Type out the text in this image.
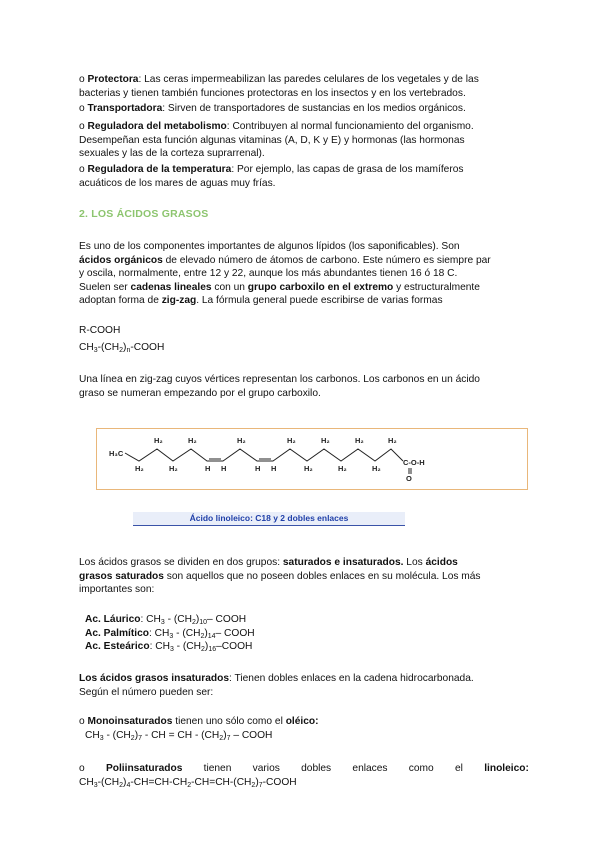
o Protectora: Las ceras impermeabilizan las paredes celulares de los vegetales y de las
bacterias y tienen también funciones protectoras en los insectos y en los vertebrados.
o Transportadora: Sirven de transportadores de sustancias en los medios orgánicos.
o Reguladora del metabolismo: Contribuyen al normal funcionamiento del organismo.
Desempeñan esta función algunas vitaminas (A, D, K y E) y hormonas (las hormonas
sexuales y las de la corteza suprarrenal).
o Reguladora de la temperatura: Por ejemplo, las capas de grasa de los mamíferos
acuáticos de los mares de aguas muy frías.
2. LOS ÁCIDOS GRASOS
Es uno de los componentes importantes de algunos lípidos (los saponificables). Son
ácidos orgánicos de elevado número de átomos de carbono. Este número es siempre par
y oscila, normalmente, entre 12 y 22, aunque los más abundantes tienen 16 ó 18 C.
Suelen ser cadenas lineales con un grupo carboxilo en el extremo y estructuralmente
adoptan forma de zig-zag. La fórmula general puede escribirse de varias formas
R-COOH
$CH_3-(CH_2)_n$-COOH
Una línea en zig-zag cuyos vértices representan los carbonos. Los carbonos en un ácido
graso se numeran empezando por el grupo carboxilo.
H₃C
H₂
H₂
H₂
H₂
H H
H₂
H H
H₂
H₂
H₂
H₂
H₂
H₂
H₂
C-O-H
O
Ácido linoleico: C18 y 2 dobles enlaces
Los ácidos grasos se dividen en dos grupos: saturados e insaturados. Los ácidos
grasos saturados son aquellos que no poseen dobles enlaces en su molécula. Los más
importantes son:
Ac. Láurico: $CH_3 - (CH_2)_{10}-$ COOH
Ac. Palmítico: $CH_3 - (CH_2)_{14}-$ COOH
Ac. Esteárico: $CH_3$ - $(CH_2)_{16}$–COOH
Los ácidos grasos insaturados: Tienen dobles enlaces en la cadena hidrocarbonada.
Según el número pueden ser:
o Monoinsaturados tienen uno sólo como el oléico:
$CH_3 - (CH_2)_7$ - CH = CH - $(CH_2)_7$ – COOH
o Poliinsaturados tienen varios dobles enlaces como el linoleico:
$CH_3-(CH_2)_4-CH=CH-CH_2-CH=CH-(CH_2)_7$-COOH
